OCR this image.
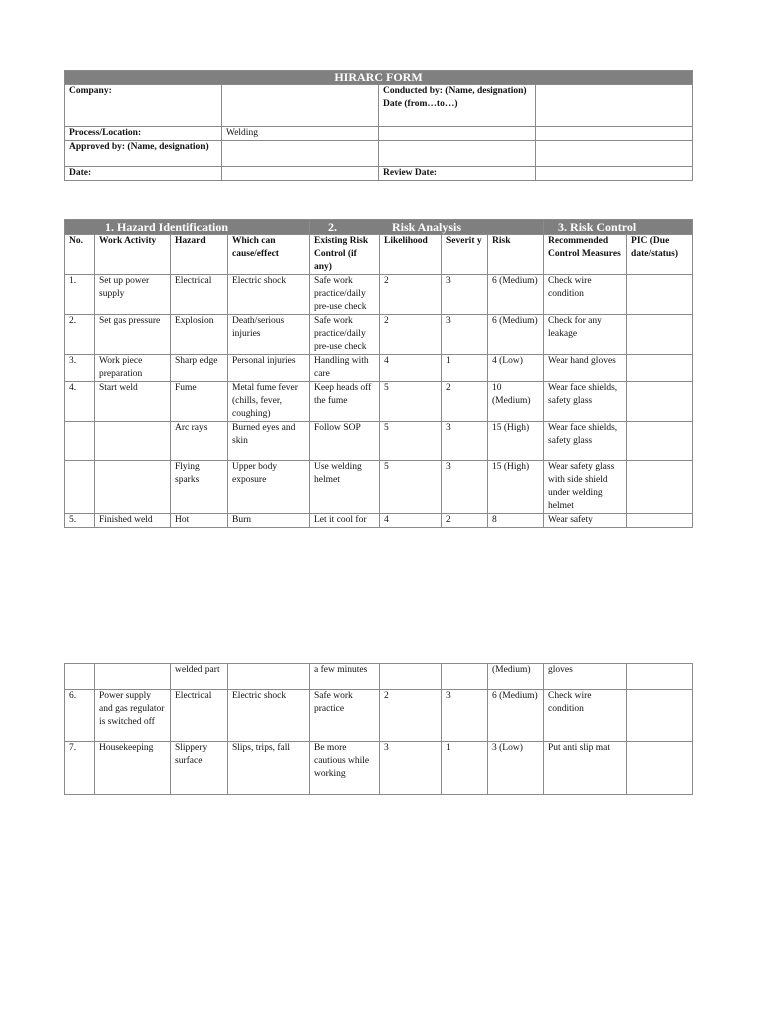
HIRARC FORM			
Company:		Conducted by: (Name, designation)
Date (from…to…)	

Process/Location:	Welding		
Approved by: (Name, designation)			
Date:		Review Date:	
1. Hazard Identification				2. Risk Analysis				3. Risk Control	
No.	Work Activity	Hazard	Which can cause/effect	Existing Risk Control (if any)	Likelihood	Severit y	Risk	Recommended Control Measures	PIC (Due date/status)
1.	Set up power supply	Electrical	Electric shock	Safe work practice/daily pre-use check	2	3	6 (Medium)	Check wire condition	
2.	Set gas pressure	Explosion	Death/serious injuries	Safe work practice/daily pre-use check	2	3	6 (Medium)	Check for any leakage	
3.	Work piece preparation	Sharp edge	Personal injuries	Handling with care	4	1	4 (Low)	Wear hand gloves	
4.	Start weld	Fume	Metal fume fever (chills, fever, coughing)	Keep heads off the fume	5	2	10 (Medium)	Wear face shields, safety glass	
		Arc rays	Burned eyes and skin	Follow SOP	5	3	15 (High)	Wear face shields, safety glass	
		Flying sparks	Upper body exposure	Use welding helmet	5	3	15 (High)	Wear safety glass with side shield under welding helmet	
5.	Finished weld	Hot	Burn	Let it cool for	4	2	8	Wear safety	
		welded part		a few minutes			(Medium)	gloves	
6.	Power supply and gas regulator is switched off	Electrical	Electric shock	Safe work practice	2	3	6 (Medium)	Check wire condition	
7.	Housekeeping	Slippery surface	Slips, trips, fall	Be more cautious while working	3	1	3 (Low)	Put anti slip mat	
